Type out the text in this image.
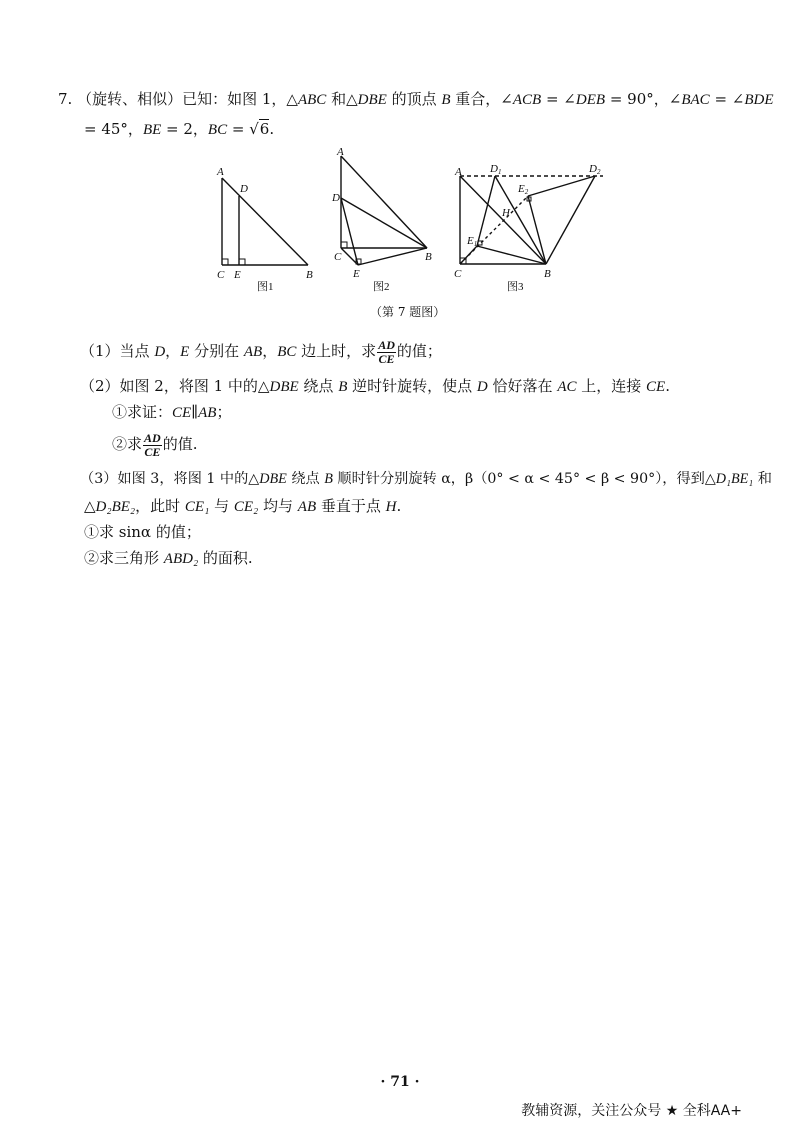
7. （旋转、相似）已知：如图 1，△ABC 和△DBE 的顶点 B 重合，∠ACB = ∠DEB = 90°，∠BAC = ∠BDE
= 45°，BE = 2，BC = √6.
A
D
C E	B
图1
A
D
C
E
B
图2
A	D1	D2
E2
H
E1
C	B
图3
（第 7 题图）
（1）当点 D，E 分别在 AB，BC 边上时，求 $\frac{AD}{CE}$ 的值；
（2）如图 2，将图 1 中的△DBE 绕点 B 逆时针旋转，使点 D 恰好落在 AC 上，连接 CE.
①求证：CE∥AB；
②求 $\frac{AD}{CE}$ 的值.
（3）如图 3，将图 1 中的△DBE 绕点 B 顺时针分别旋转 α，β（0° < α < 45° < β < 90°），得到△D₁BE₁ 和
△D₂BE₂，此时 CE₁ 与 CE₂ 均与 AB 垂直于点 H.
①求 sinα 的值；
②求三角形 ABD₂ 的面积.
· 71 ·
教辅资源，关注公众号 ★ 全科AA+
